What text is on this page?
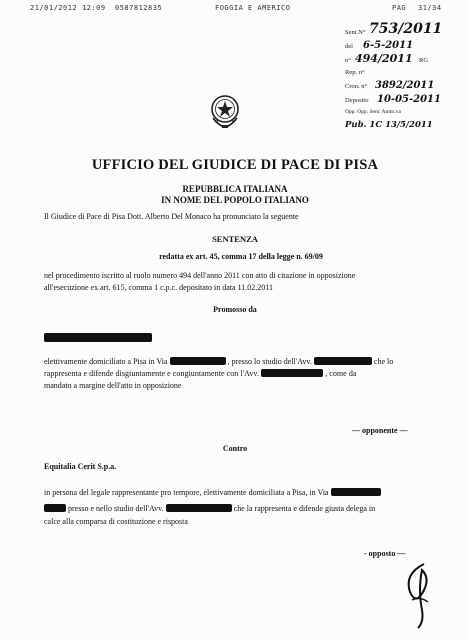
21/01/2012 12:09 0587812835	FOGGIA E AMERICO	PAG 31/34
Sent.N° 753/2011
del 6-5-2011
n° 494/2011 RG
Rep. n°
Cron. n° 3892/2011
Deposito 10-05-2011
Opp. Opp. Sent. Amm.va
Pub. 1C 13/5/2011
UFFICIO DEL GIUDICE DI PACE DI PISA
REPUBBLICA ITALIANA
IN NOME DEL POPOLO ITALIANO
Il Giudice di Pace di Pisa Dott. Alberto Del Monaco ha pronunciato la seguente
SENTENZA
redatta ex art. 45, comma 17 della legge n. 69/09
nel procedimento iscritto al ruolo numero 494 dell'anno 2011 con atto di citazione in opposizione
all'esecuzione ex art. 615, comma 1 c.p.c. depositato in data 11.02.2011
Promosso da
elettivamente domiciliato a Pisa in Via	, presso lo studio dell'Avv.	che lo
rappresenta e difende disgiuntamente e congiuntamente con l'Avv.	, come da
mandato a margine dell'atto in opposizione
— opponente —
Contro
Equitalia Cerit S.p.a.
in persona del legale rappresentante pro tempore, elettivamente domiciliata a Pisa, in Via
presso e nello studio dell'Avv.	che la rappresenta e difende giusta delega in
calce alla comparsa di costituzione e risposta
- opposto —
